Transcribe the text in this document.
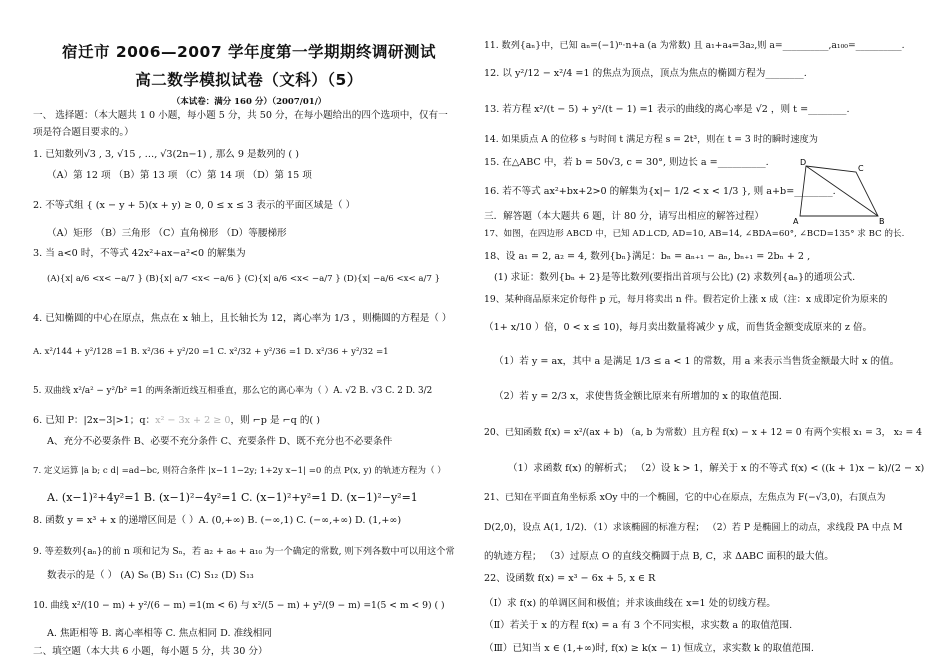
宿迁市 2006—2007 学年度第一学期期终调研测试
高二数学模拟试卷（文科）（5）
（本试卷：满分 160 分）（2007/01/）
一、 选择题：（本大题共 1 0 小题，每小题 5 分，共 50 分，在每小题给出的四个选项中，仅有一
项是符合题目要求的。）
1. 已知数列√3 , 3, √15 , …, √3(2n−1) , 那么 9 是数列的 ( )
（A）第 12 项 （B）第 13 项 （C）第 14 项 （D）第 15 项
2. 不等式组 { (x − y + 5)(x + y) ≥ 0, 0 ≤ x ≤ 3 表示的平面区域是（ ）
（A）矩形 （B）三角形 （C）直角梯形 （D）等腰梯形
3. 当 a<0 时，不等式 42x²+ax−a²<0 的解集为
(A){x| a/6 <x< −a/7 } (B){x| a/7 <x< −a/6 } (C){x| a/6 <x< −a/7 } (D){x| −a/6 <x< a/7 }
4. 已知椭圆的中心在原点，焦点在 x 轴上，且长轴长为 12，离心率为 1/3 ，则椭圆的方程是（ ）
A. x²/144 + y²/128 =1 B. x²/36 + y²/20 =1 C. x²/32 + y²/36 =1 D. x²/36 + y²/32 =1
5. 双曲线 x²/a² − y²/b² =1 的两条渐近线互相垂直，那么它的离心率为（ ）A. √2 B. √3 C. 2 D. 3/2
6. 已知 P：|2x−3|>1；q：x² − 3x + 2 ≥ 0，则 ⌐p 是 ⌐q 的( )
A、充分不必要条件 B、必要不充分条件 C、充要条件 D、既不充分也不必要条件
7. 定义运算 |a b; c d| =ad−bc, 则符合条件 |x−1 1−2y; 1+2y x−1| =0 的点 P(x, y) 的轨迹方程为（ ）
A. (x−1)²+4y²=1 B. (x−1)²−4y²=1 C. (x−1)²+y²=1 D. (x−1)²−y²=1
8. 函数 y = x³ + x 的递增区间是（ ）A. (0,+∞) B. (−∞,1) C. (−∞,+∞) D. (1,+∞)
9. 等差数列{aₙ}的前 n 项和记为 Sₙ，若 a₂ + a₆ + a₁₀ 为一个确定的常数, 则下列各数中可以用这个常
数表示的是（ ） (A) S₆ (B) S₁₁ (C) S₁₂ (D) S₁₃
10. 曲线 x²/(10 − m) + y²/(6 − m) =1(m < 6) 与 x²/(5 − m) + y²/(9 − m) =1(5 < m < 9) ( )
A. 焦距相等 B. 离心率相等 C. 焦点相同 D. 准线相同
二、填空题（本大共 6 小题，每小题 5 分，共 30 分）
11. 数列{aₙ}中，已知 aₙ=(−1)ⁿ·n+a (a 为常数) 且 a₁+a₄=3a₂,则 a=__________,a₁₀₀=__________.
12. 以 y²/12 − x²/4 =1 的焦点为顶点，顶点为焦点的椭圆方程为________.
13. 若方程 x²/(t − 5) + y²/(t − 1) =1 表示的曲线的离心率是 √2 ，则 t =________.
14. 如果质点 A 的位移 s 与时间 t 满足方程 s = 2t³，则在 t = 3 时的瞬时速度为
15. 在△ABC 中，若 b = 50√3, c = 30°, 则边长 a =__________.
16. 若不等式 ax²+bx+2>0 的解集为{x|− 1/2 < x < 1/3 }, 则 a+b=________.
三．解答题（本大题共 6 题，计 80 分，请写出相应的解答过程）
17、如图，在四边形 ABCD 中，已知 AD⊥CD, AD=10, AB=14, ∠BDA=60°, ∠BCD=135° 求 BC 的长.
18、设 a₁ = 2, a₂ = 4, 数列{bₙ}满足：bₙ = aₙ₊₁ − aₙ, bₙ₊₁ = 2bₙ + 2 ,
(1) 求证：数列{bₙ + 2}是等比数列(要指出首项与公比) (2) 求数列{aₙ}的通项公式.
19、某种商品原来定价每件 p 元，每月将卖出 n 件。假若定价上涨 x 成（注：x 成即定价为原来的
（1+ x/10 ）倍，0 < x ≤ 10)，每月卖出数量将减少 y 成，而售货金额变成原来的 z 倍。
（1）若 y = ax，其中 a 是满足 1/3 ≤ a < 1 的常数，用 a 来表示当售货金额最大时 x 的值。
（2）若 y = 2/3 x，求使售货金额比原来有所增加的 x 的取值范围.
20、已知函数 f(x) = x²/(ax + b) （a, b 为常数）且方程 f(x) − x + 12 = 0 有两个实根 x₁ = 3， x₂ = 4
（1）求函数 f(x) 的解析式； （2）设 k > 1，解关于 x 的不等式 f(x) < ((k + 1)x − k)/(2 − x)
21、已知在平面直角坐标系 xOy 中的一个椭圆，它的中心在原点，左焦点为 F(−√3,0)，右顶点为
D(2,0)，设点 A(1, 1/2)．（1）求该椭圆的标准方程； （2）若 P 是椭圆上的动点，求线段 PA 中点 M
的轨迹方程； （3）过原点 O 的直线交椭圆于点 B, C，求 ΔABC 面积的最大值。
22、设函数 f(x) = x³ − 6x + 5, x ∈ R
（Ⅰ）求 f(x) 的单调区间和极值；并求该曲线在 x=1 处的切线方程。
（Ⅱ）若关于 x 的方程 f(x) = a 有 3 个不同实根，求实数 a 的取值范围.
（Ⅲ）已知当 x ∈ (1,+∞)时, f(x) ≥ k(x − 1) 恒成立，求实数 k 的取值范围.
D
C
A	B
